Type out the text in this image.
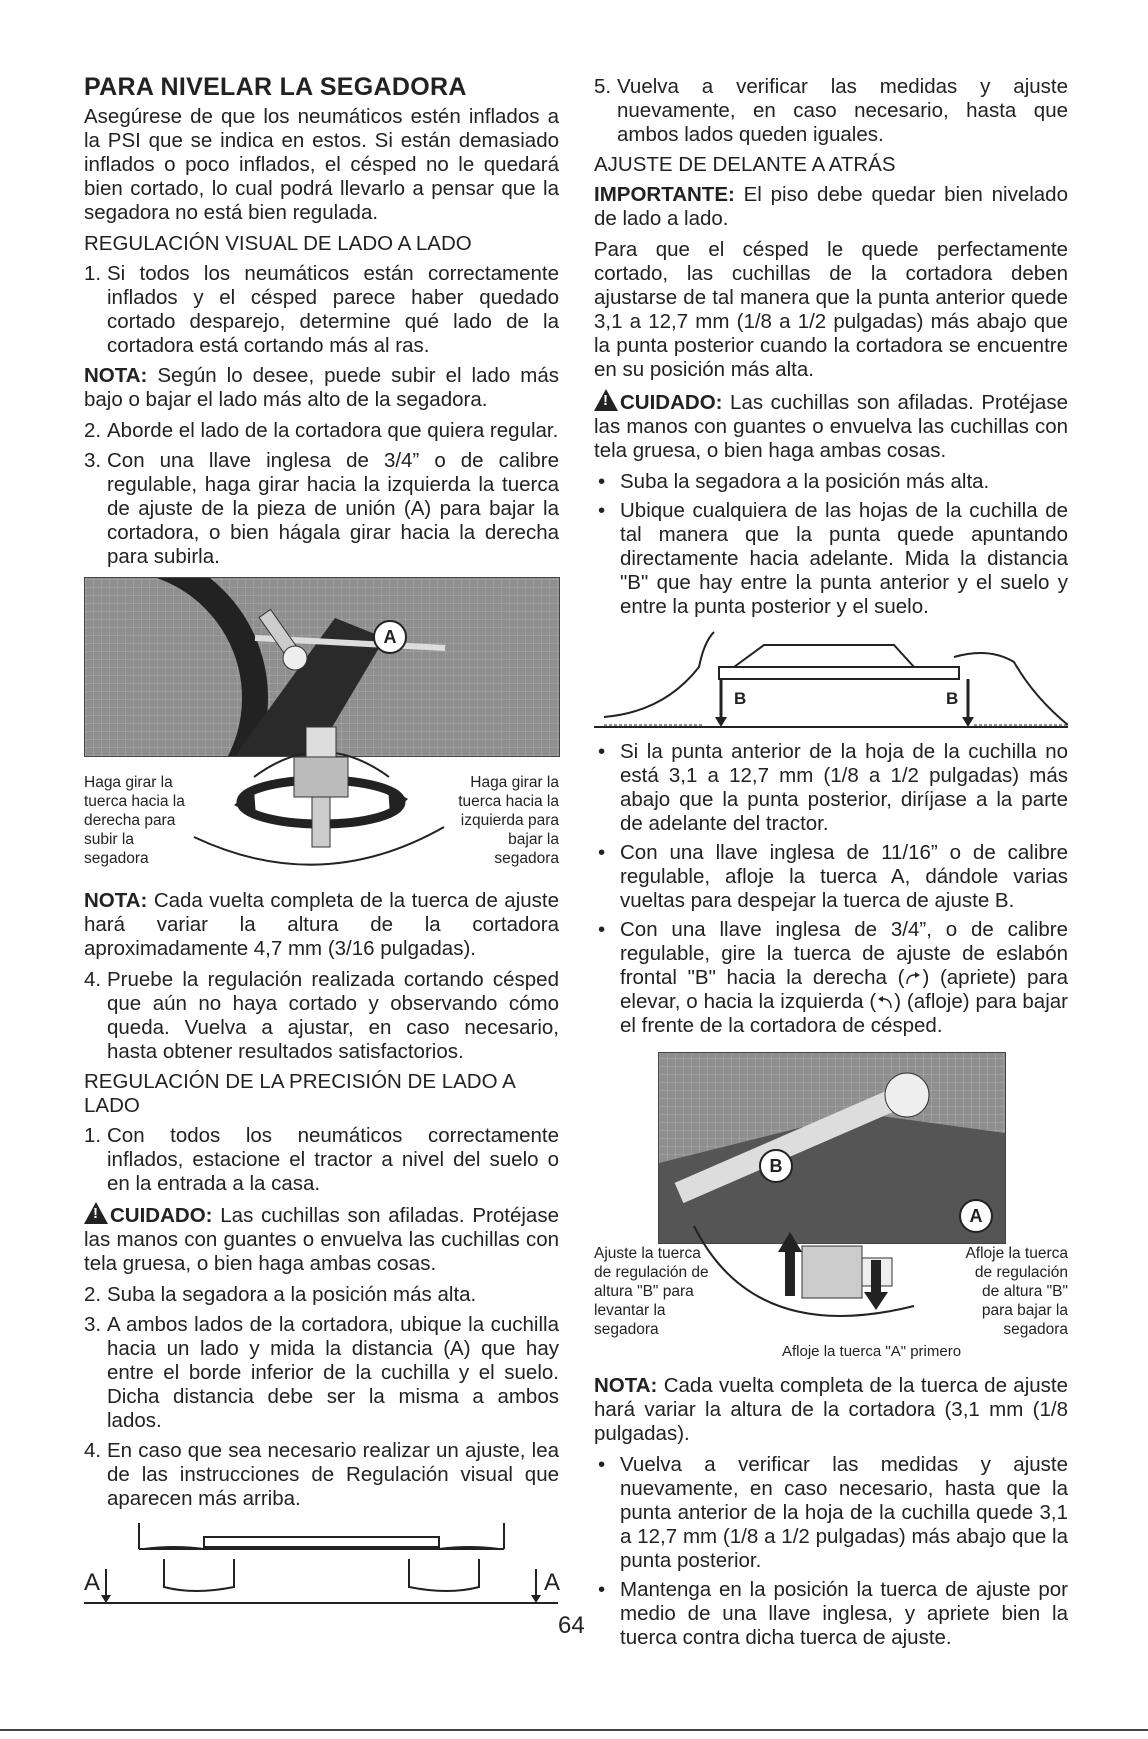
PARA NIVELAR LA SEGADORA

Asegúrese de que los neumáticos estén inflados a la PSI que se indica en estos. Si están demasiado inflados o poco inflados, el césped no le quedará bien cortado, lo cual podrá llevarlo a pensar que la segadora no está bien regulada.

REGULACIÓN VISUAL DE LADO A LADO
1. Si todos los neumáticos están correctamente inflados y el césped parece haber quedado cortado desparejo, determine qué lado de la cortadora está cortando más al ras.

NOTA: Según lo desee, puede subir el lado más bajo o bajar el lado más alto de la segadora.

2. Aborde el lado de la cortadora que quiera regular.
3. Con una llave inglesa de 3/4” o de calibre regulable, haga girar hacia la izquierda la tuerca de ajuste de la pieza de unión (A) para bajar la cortadora, o bien hágala girar hacia la derecha para subirla.
A
Haga girar la tuerca hacia la derecha para subir la segadora
Haga girar la tuerca hacia la izquierda para bajar la segadora

NOTA: Cada vuelta completa de la tuerca de ajuste hará variar la altura de la cortadora aproximadamente 4,7 mm (3/16 pulgadas).

4. Pruebe la regulación realizada cortando césped que aún no haya cortado y observando cómo queda. Vuelva a ajustar, en caso necesario, hasta obtener resultados satisfactorios.
REGULACIÓN DE LA PRECISIÓN DE LADO A LADO
1. Con todos los neumáticos correctamente inflados, estacione el tractor a nivel del suelo o en la entrada a la casa.

!CUIDADO: Las cuchillas son afiladas. Protéjase las manos con guantes o envuelva las cuchillas con tela gruesa, o bien haga ambas cosas.

2. Suba la segadora a la posición más alta.
3. A ambos lados de la cortadora, ubique la cuchilla hacia un lado y mida la distancia (A) que hay entre el borde inferior de la cuchilla y el suelo. Dicha distancia debe ser la misma a ambos lados.
4. En caso que sea necesario realizar un ajuste, lea de las instrucciones de Regulación visual que aparecen más arriba.
A	A
5. Vuelva a verificar las medidas y ajuste nuevamente, en caso necesario, hasta que ambos lados queden iguales.
AJUSTE DE DELANTE A ATRÁS

IMPORTANTE: El piso debe quedar bien nivelado de lado a lado.

Para que el césped le quede perfectamente cortado, las cuchillas de la cortadora deben ajustarse de tal manera que la punta anterior quede 3,1 a 12,7 mm (1/8 a 1/2 pulgadas) más abajo que la punta posterior cuando la cortadora se encuentre en su posición más alta.

!CUIDADO: Las cuchillas son afiladas. Protéjase las manos con guantes o envuelva las cuchillas con tela gruesa, o bien haga ambas cosas.

• Suba la segadora a la posición más alta.
• Ubique cualquiera de las hojas de la cuchilla de tal manera que la punta quede apuntando directamente hacia adelante. Mida la distancia "B" que hay entre la punta anterior y el suelo y entre la punta posterior y el suelo.
B	B
• Si la punta anterior de la hoja de la cuchilla no está 3,1 a 12,7 mm (1/8 a 1/2 pulgadas) más abajo que la punta posterior, diríjase a la parte de adelante del tractor.
• Con una llave inglesa de 11/16” o de calibre regulable, afloje la tuerca A, dándole varias vueltas para despejar la tuerca de ajuste B.
• Con una llave inglesa de 3/4”, o de calibre regulable, gire la tuerca de ajuste de eslabón frontal "B" hacia la derecha ( ) (apriete) para elevar, o hacia la izquierda ( ) (afloje) para bajar el frente de la cortadora de césped.
B
A
Ajuste la tuerca de regulación de altura "B" para levantar la segadora
Afloje la tuerca de regulación de altura "B" para bajar la segadora
Afloje la tuerca "A" primero

NOTA: Cada vuelta completa de la tuerca de ajuste hará variar la altura de la cortadora (3,1 mm (1/8 pulgadas).

• Vuelva a verificar las medidas y ajuste nuevamente, en caso necesario, hasta que la punta anterior de la hoja de la cuchilla quede 3,1 a 12,7 mm (1/8 a 1/2 pulgadas) más abajo que la punta posterior.
• Mantenga en la posición la tuerca de ajuste por medio de una llave inglesa, y apriete bien la tuerca contra dicha tuerca de ajuste.
64
